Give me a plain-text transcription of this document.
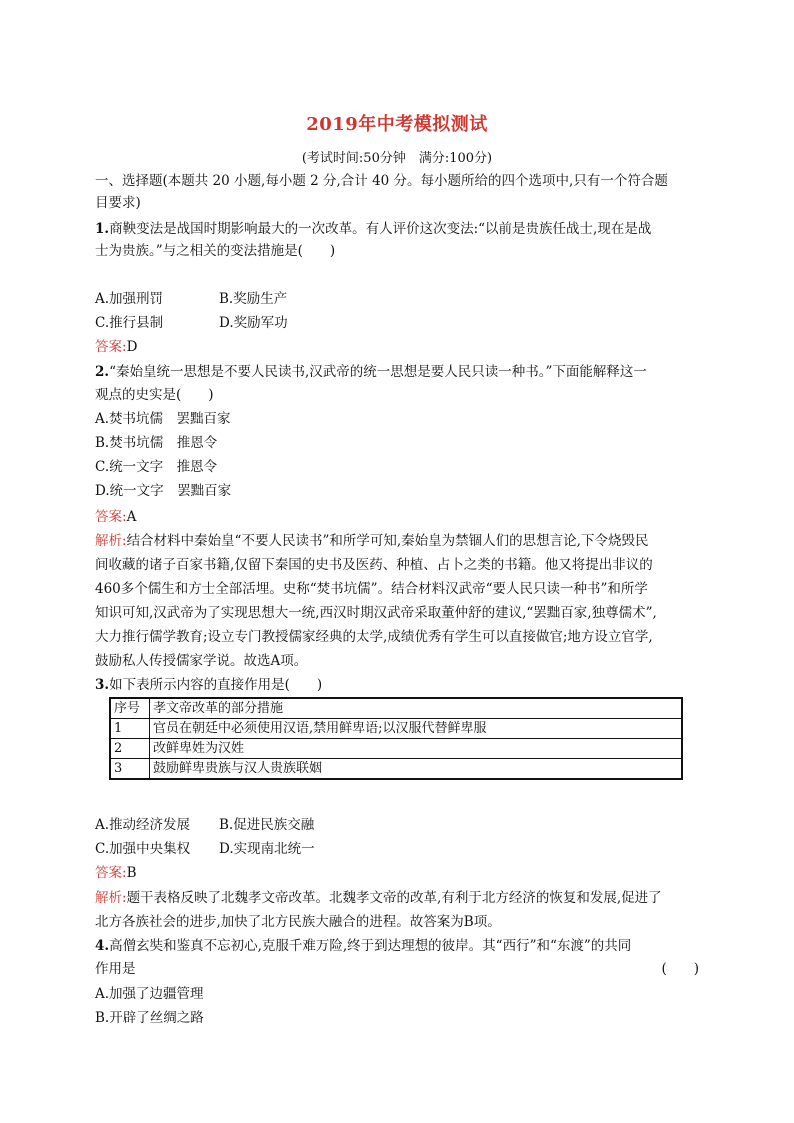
2019年中考模拟测试
(考试时间:50分钟　满分:100分)
一、选择题(本题共 20 小题,每小题 2 分,合计 40 分。每小题所给的四个选项中,只有一个符合题
目要求)
1.商鞅变法是战国时期影响最大的一次改革。有人评价这次变法:“以前是贵族任战士,现在是战
士为贵族。”与之相关的变法措施是(　　)
A.加强刑罚	B.奖励生产
C.推行县制	D.奖励军功
答案:D
2.“秦始皇统一思想是不要人民读书,汉武帝的统一思想是要人民只读一种书。”下面能解释这一
观点的史实是(　　)
A.焚书坑儒　罢黜百家
B.焚书坑儒　推恩令
C.统一文字　推恩令
D.统一文字　罢黜百家
答案:A
解析:结合材料中秦始皇“不要人民读书”和所学可知,秦始皇为禁锢人们的思想言论,下令烧毁民
间收藏的诸子百家书籍,仅留下秦国的史书及医药、种植、占卜之类的书籍。他又将提出非议的
460多个儒生和方士全部活埋。史称“焚书坑儒”。结合材料汉武帝“要人民只读一种书”和所学
知识可知,汉武帝为了实现思想大一统,西汉时期汉武帝采取董仲舒的建议,“罢黜百家,独尊儒术”,
大力推行儒学教育;设立专门教授儒家经典的太学,成绩优秀有学生可以直接做官;地方设立官学,
鼓励私人传授儒家学说。故选A项。
3.如下表所示内容的直接作用是(　　)
序号	孝文帝改革的部分措施
1	官员在朝廷中必须使用汉语,禁用鲜卑语;以汉服代替鲜卑服
2	改鲜卑姓为汉姓
3	鼓励鲜卑贵族与汉人贵族联姻
A.推动经济发展	B.促进民族交融
C.加强中央集权	D.实现南北统一
答案:B
解析:题干表格反映了北魏孝文帝改革。北魏孝文帝的改革,有利于北方经济的恢复和发展,促进了
北方各族社会的进步,加快了北方民族大融合的进程。故答案为B项。
4.高僧玄奘和鉴真不忘初心,克服千难万险,终于到达理想的彼岸。其“西行”和“东渡”的共同
作用是	(　　)
A.加强了边疆管理
B.开辟了丝绸之路
